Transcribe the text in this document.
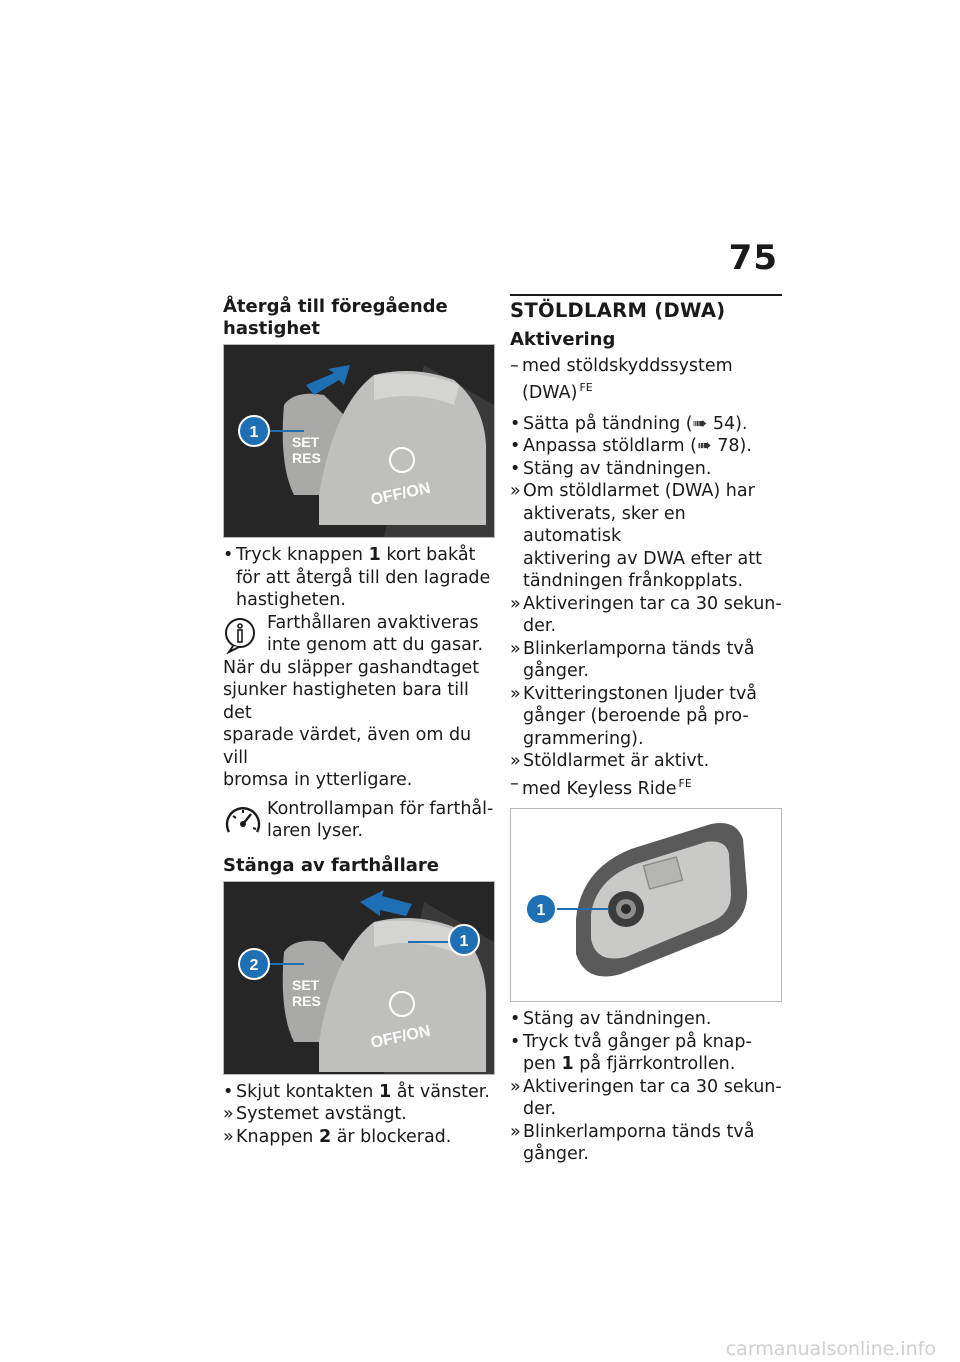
75
Återgå till föregående
hastighet
SET
RES
OFF/ON
1
• Tryck knappen 1 kort bakåt
för att återgå till den lagrade
hastigheten.
Farthållaren avaktiveras
inte genom att du gasar.
När du släpper gashandtaget
sjunker hastigheten bara till det
sparade värdet, även om du vill
bromsa in ytterligare.
Kontrollampan för farthål-
laren lyser.
Stänga av farthållare
SET
RES
OFF/ON
2
1
• Skjut kontakten 1 åt vänster.
» Systemet avstängt.
» Knappen 2 är blockerad.
STÖLDLARM (DWA)
Aktivering
– med stöldskyddssystem
(DWA) $^{FE}$
• Sätta på tändning (➠ 54).
• Anpassa stöldlarm (➠ 78).
• Stäng av tändningen.
» Om stöldlarmet (DWA) har
aktiverats, sker en automatisk
aktivering av DWA efter att
tändningen frånkopplats.
» Aktiveringen tar ca 30 sekun-
der.
» Blinkerlamporna tänds två
gånger.
» Kvitteringstonen ljuder två
gånger (beroende på pro-
grammering).
» Stöldlarmet är aktivt.
– med Keyless Ride $^{FE}$
1
• Stäng av tändningen.
• Tryck två gånger på knap-
pen 1 på fjärrkontrollen.
» Aktiveringen tar ca 30 sekun-
der.
» Blinkerlamporna tänds två
gånger.
carmanualsonline.info
